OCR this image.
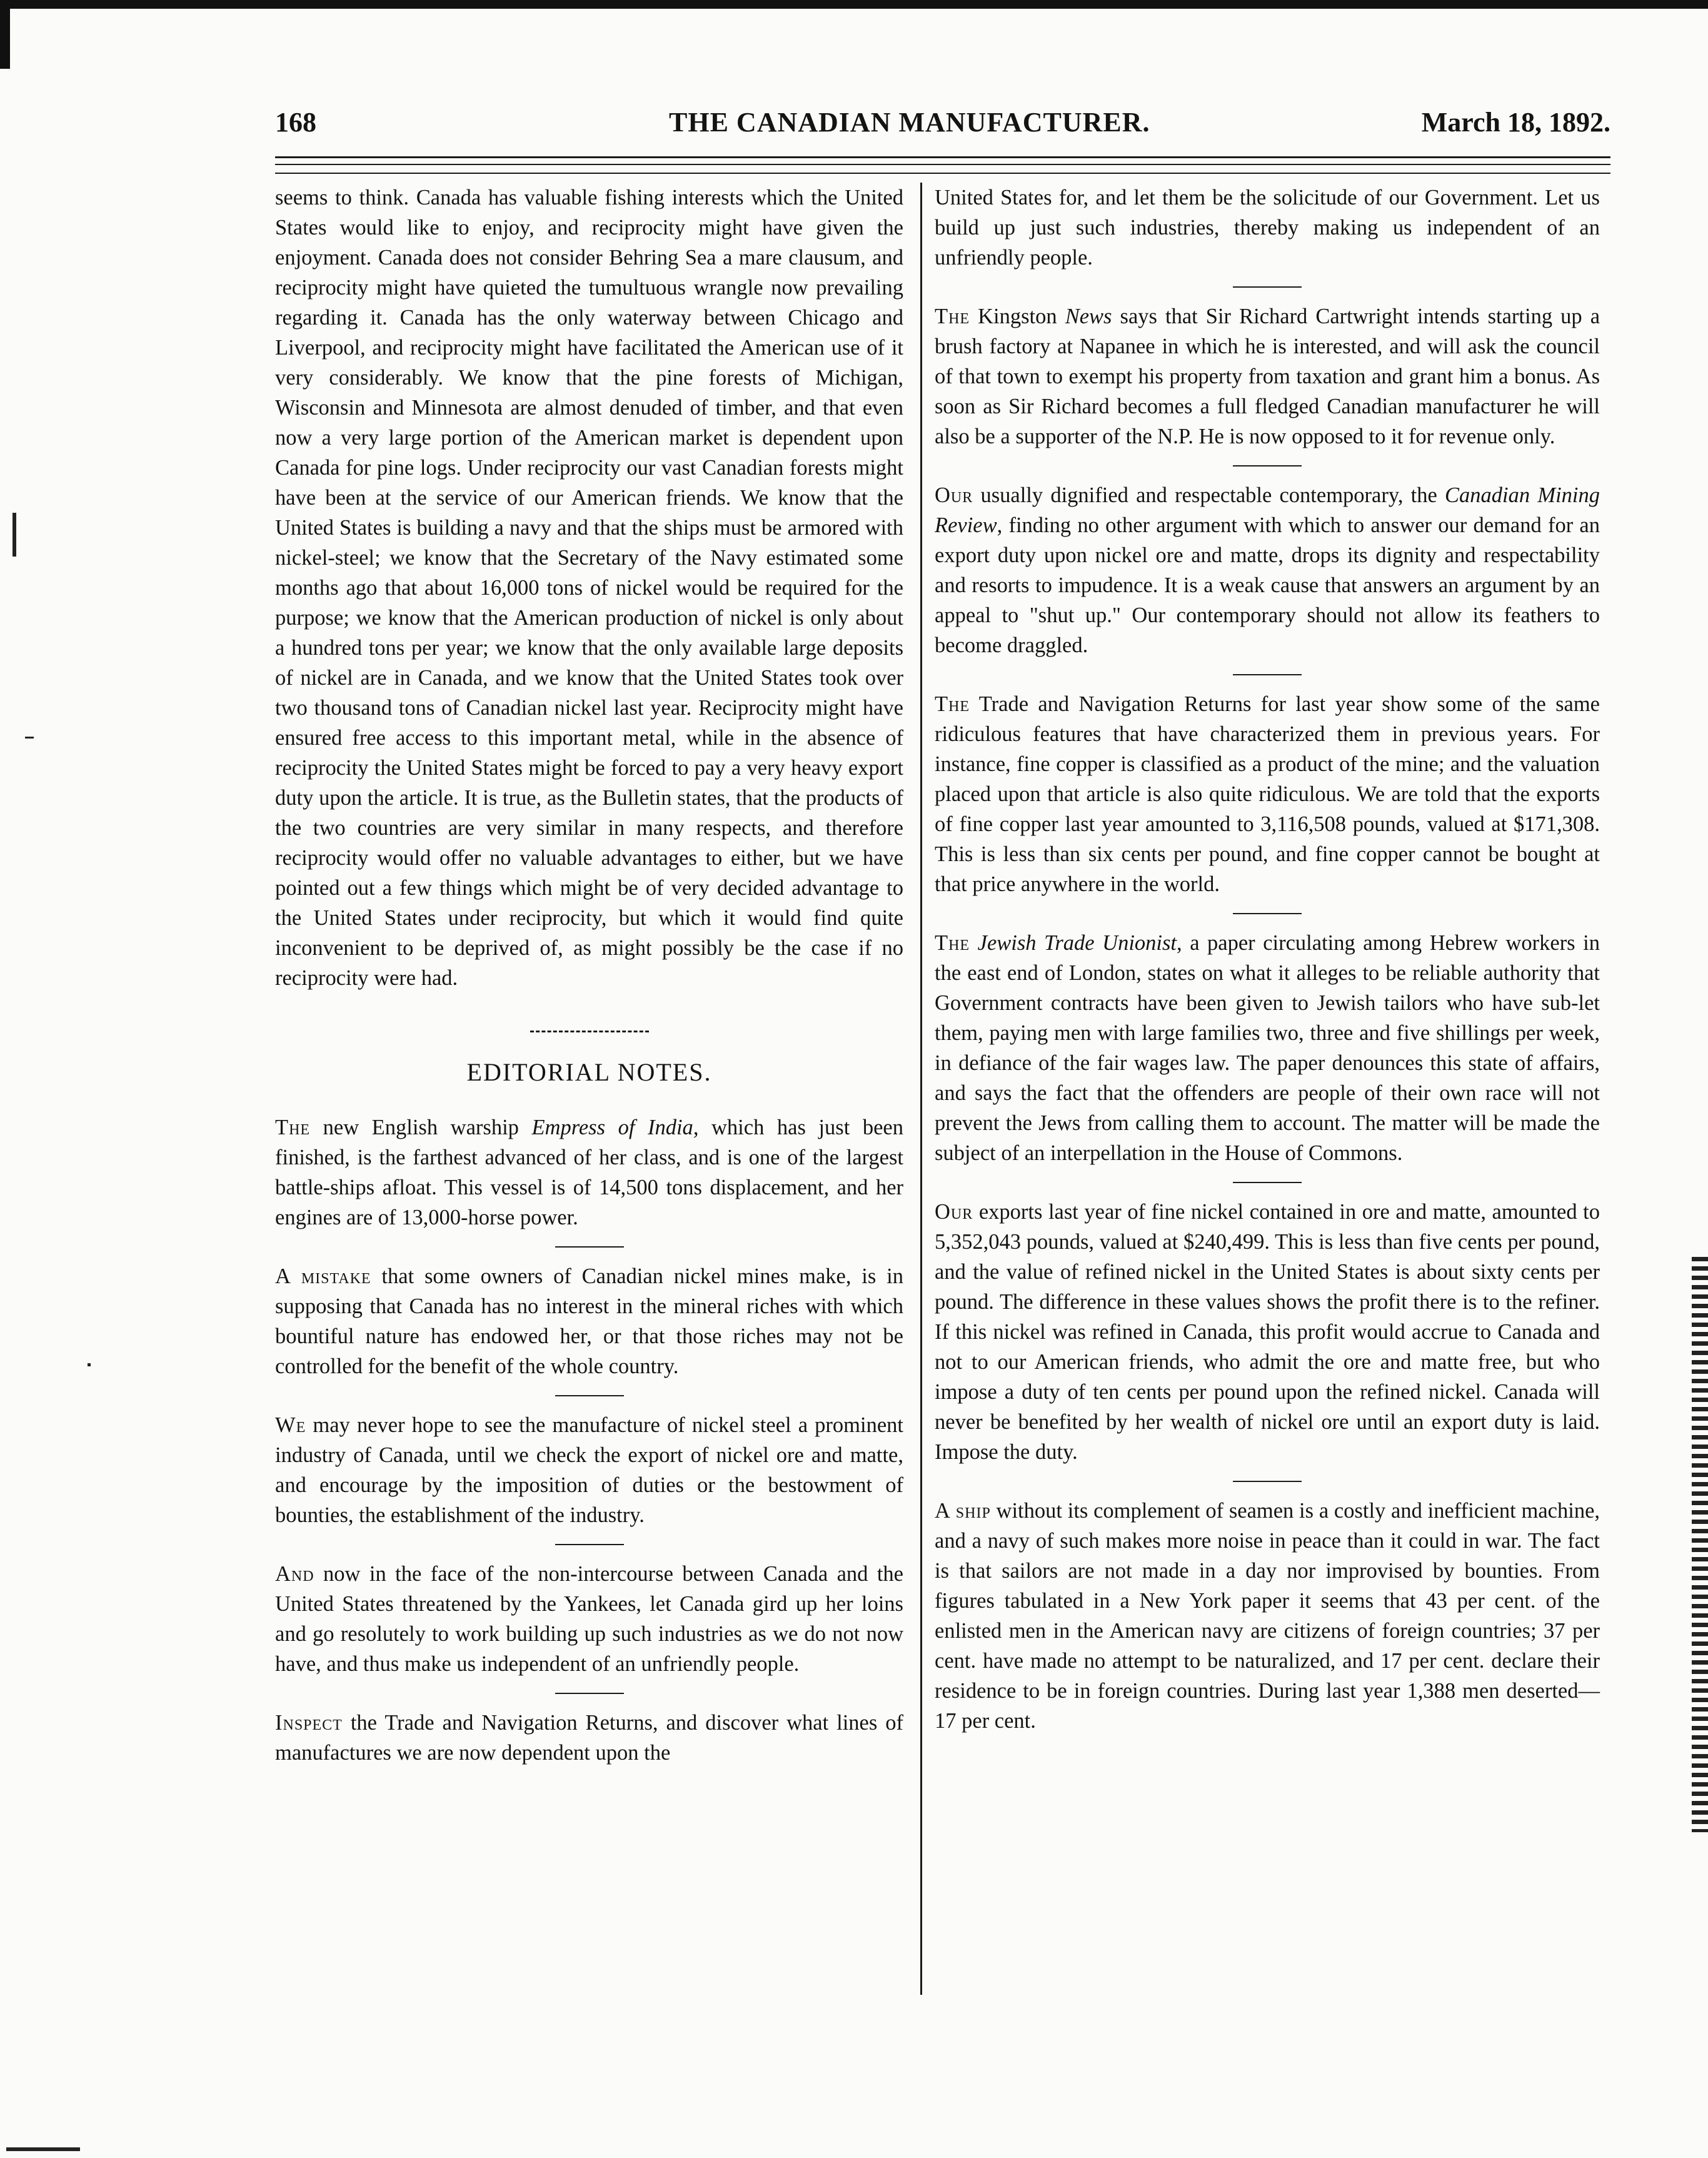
168	THE CANADIAN MANUFACTURER.	March 18, 1892.

seems to think. Canada has valuable fishing interests which the United States would like to enjoy, and reciprocity might have given the enjoyment. Canada does not consider Behring Sea a mare clausum, and reciprocity might have quieted the tumultuous wrangle now prevailing regarding it. Canada has the only waterway between Chicago and Liverpool, and reciprocity might have facilitated the American use of it very considerably. We know that the pine forests of Michigan, Wisconsin and Minnesota are almost denuded of timber, and that even now a very large portion of the American market is dependent upon Canada for pine logs. Under reciprocity our vast Canadian forests might have been at the service of our American friends. We know that the United States is building a navy and that the ships must be armored with nickel-steel; we know that the Secretary of the Navy estimated some months ago that about 16,000 tons of nickel would be required for the purpose; we know that the American production of nickel is only about a hundred tons per year; we know that the only available large deposits of nickel are in Canada, and we know that the United States took over two thousand tons of Canadian nickel last year. Reciprocity might have ensured free access to this important metal, while in the absence of reciprocity the United States might be forced to pay a very heavy export duty upon the article. It is true, as the Bulletin states, that the products of the two countries are very similar in many respects, and therefore reciprocity would offer no valuable advantages to either, but we have pointed out a few things which might be of very decided advantage to the United States under reciprocity, but which it would find quite inconvenient to be deprived of, as might possibly be the case if no reciprocity were had.

EDITORIAL NOTES.

The new English warship Empress of India, which has just been finished, is the farthest advanced of her class, and is one of the largest battle-ships afloat. This vessel is of 14,500 tons displacement, and her engines are of 13,000-horse power.

A mistake that some owners of Canadian nickel mines make, is in supposing that Canada has no interest in the mineral riches with which bountiful nature has endowed her, or that those riches may not be controlled for the benefit of the whole country.

We may never hope to see the manufacture of nickel steel a prominent industry of Canada, until we check the export of nickel ore and matte, and encourage by the imposition of duties or the bestowment of bounties, the establishment of the industry.

And now in the face of the non-intercourse between Canada and the United States threatened by the Yankees, let Canada gird up her loins and go resolutely to work building up such industries as we do not now have, and thus make us independent of an unfriendly people.

Inspect the Trade and Navigation Returns, and discover what lines of manufactures we are now dependent upon the

United States for, and let them be the solicitude of our Government. Let us build up just such industries, thereby making us independent of an unfriendly people.

The Kingston News says that Sir Richard Cartwright intends starting up a brush factory at Napanee in which he is interested, and will ask the council of that town to exempt his property from taxation and grant him a bonus. As soon as Sir Richard becomes a full fledged Canadian manufacturer he will also be a supporter of the N.P. He is now opposed to it for revenue only.

Our usually dignified and respectable contemporary, the Canadian Mining Review, finding no other argument with which to answer our demand for an export duty upon nickel ore and matte, drops its dignity and respectability and resorts to impudence. It is a weak cause that answers an argument by an appeal to "shut up." Our contemporary should not allow its feathers to become draggled.

The Trade and Navigation Returns for last year show some of the same ridiculous features that have characterized them in previous years. For instance, fine copper is classified as a product of the mine; and the valuation placed upon that article is also quite ridiculous. We are told that the exports of fine copper last year amounted to 3,116,508 pounds, valued at $171,308. This is less than six cents per pound, and fine copper cannot be bought at that price anywhere in the world.

The Jewish Trade Unionist, a paper circulating among Hebrew workers in the east end of London, states on what it alleges to be reliable authority that Government contracts have been given to Jewish tailors who have sub-let them, paying men with large families two, three and five shillings per week, in defiance of the fair wages law. The paper denounces this state of affairs, and says the fact that the offenders are people of their own race will not prevent the Jews from calling them to account. The matter will be made the subject of an interpellation in the House of Commons.

Our exports last year of fine nickel contained in ore and matte, amounted to 5,352,043 pounds, valued at $240,499. This is less than five cents per pound, and the value of refined nickel in the United States is about sixty cents per pound. The difference in these values shows the profit there is to the refiner. If this nickel was refined in Canada, this profit would accrue to Canada and not to our American friends, who admit the ore and matte free, but who impose a duty of ten cents per pound upon the refined nickel. Canada will never be benefited by her wealth of nickel ore until an export duty is laid. Impose the duty.

A ship without its complement of seamen is a costly and inefficient machine, and a navy of such makes more noise in peace than it could in war. The fact is that sailors are not made in a day nor improvised by bounties. From figures tabulated in a New York paper it seems that 43 per cent. of the enlisted men in the American navy are citizens of foreign countries; 37 per cent. have made no attempt to be naturalized, and 17 per cent. declare their residence to be in foreign countries. During last year 1,388 men deserted—17 per cent.
